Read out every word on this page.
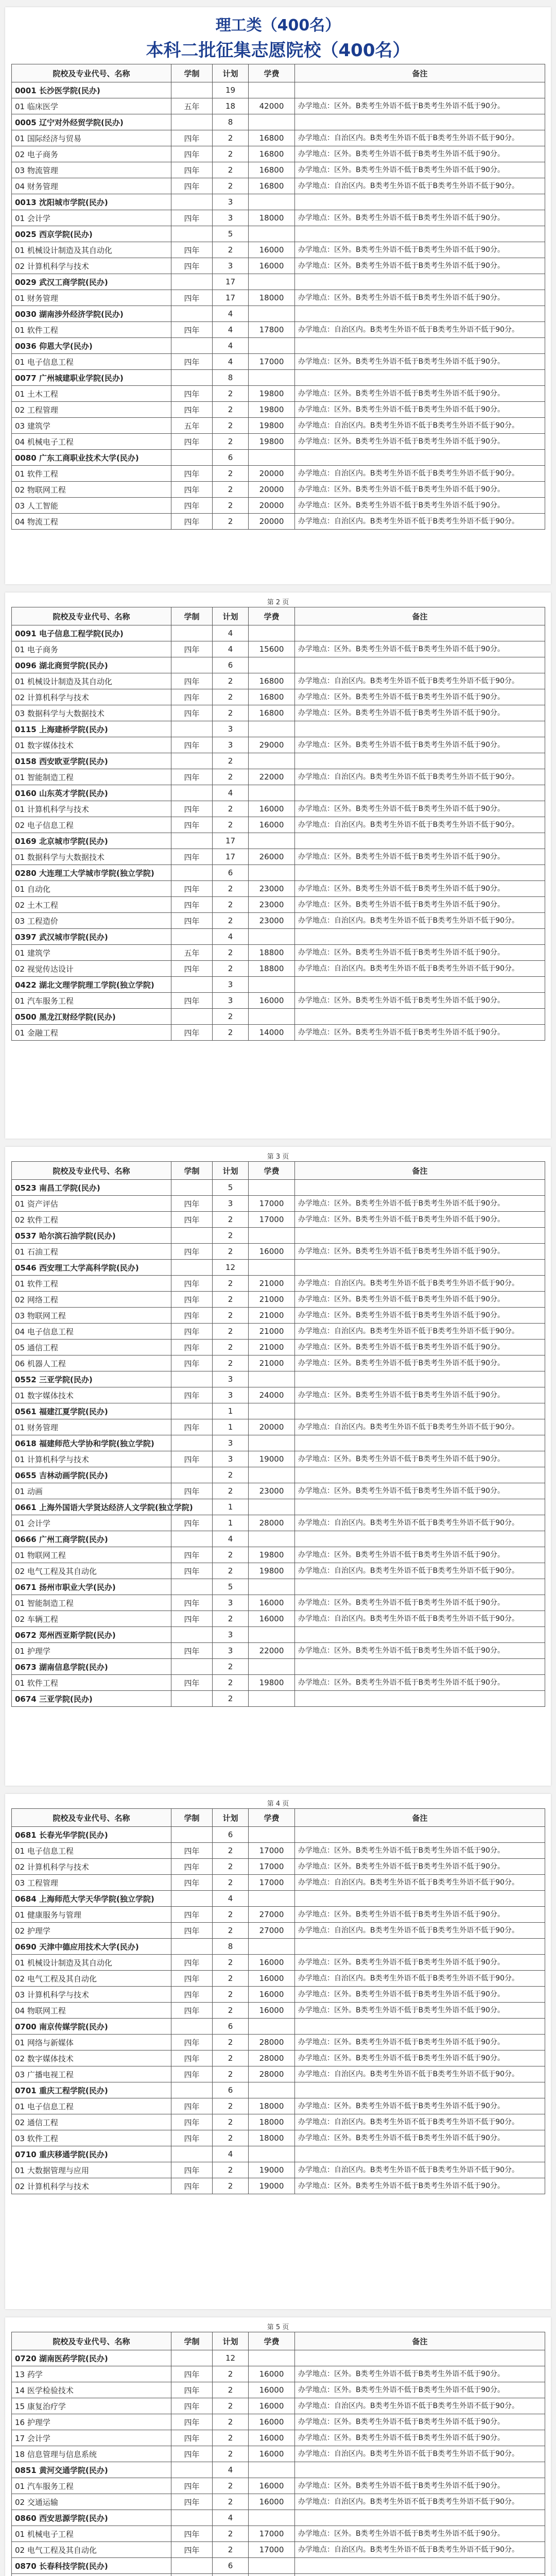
理工类（400名）
本科二批征集志愿院校（400名）
院校及专业代号、名称	学制	计划	学费	备注
0001 长沙医学院(民办)		19		
01 临床医学	五年	18	42000	办学地点：区外。B类考生外语不低于B类考生外语不低于90分。
0005 辽宁对外经贸学院(民办)		8		
01 国际经济与贸易	四年	2	16800	办学地点：自治区内。B类考生外语不低于B类考生外语不低于90分。
02 电子商务	四年	2	16800	办学地点：区外。B类考生外语不低于B类考生外语不低于90分。
03 物流管理	四年	2	16800	办学地点：区外。B类考生外语不低于B类考生外语不低于90分。
04 财务管理	四年	2	16800	办学地点：自治区内。B类考生外语不低于B类考生外语不低于90分。
0013 沈阳城市学院(民办)		3		
01 会计学	四年	3	18000	办学地点：区外。B类考生外语不低于B类考生外语不低于90分。
0025 西京学院(民办)		5		
01 机械设计制造及其自动化	四年	2	16000	办学地点：区外。B类考生外语不低于B类考生外语不低于90分。
02 计算机科学与技术	四年	3	16000	办学地点：区外。B类考生外语不低于B类考生外语不低于90分。
0029 武汉工商学院(民办)		17		
01 财务管理	四年	17	18000	办学地点：区外。B类考生外语不低于B类考生外语不低于90分。
0030 湖南涉外经济学院(民办)		4		
01 软件工程	四年	4	17800	办学地点：自治区内。B类考生外语不低于B类考生外语不低于90分。
0036 仰恩大学(民办)		4		
01 电子信息工程	四年	4	17000	办学地点：区外。B类考生外语不低于B类考生外语不低于90分。
0077 广州城建职业学院(民办)		8		
01 土木工程	四年	2	19800	办学地点：区外。B类考生外语不低于B类考生外语不低于90分。
02 工程管理	四年	2	19800	办学地点：区外。B类考生外语不低于B类考生外语不低于90分。
03 建筑学	五年	2	19800	办学地点：自治区内。B类考生外语不低于B类考生外语不低于90分。
04 机械电子工程	四年	2	19800	办学地点：区外。B类考生外语不低于B类考生外语不低于90分。
0080 广东工商职业技术大学(民办)		6		
01 软件工程	四年	2	20000	办学地点：自治区内。B类考生外语不低于B类考生外语不低于90分。
02 物联网工程	四年	2	20000	办学地点：区外。B类考生外语不低于B类考生外语不低于90分。
03 人工智能	四年	2	20000	办学地点：区外。B类考生外语不低于B类考生外语不低于90分。
04 物流工程	四年	2	20000	办学地点：自治区内。B类考生外语不低于B类考生外语不低于90分。
第 2 页
院校及专业代号、名称	学制	计划	学费	备注
0091 电子信息工程学院(民办)		4		
01 电子商务	四年	4	15600	办学地点：区外。B类考生外语不低于B类考生外语不低于90分。
0096 湖北商贸学院(民办)		6		
01 机械设计制造及其自动化	四年	2	16800	办学地点：自治区内。B类考生外语不低于B类考生外语不低于90分。
02 计算机科学与技术	四年	2	16800	办学地点：区外。B类考生外语不低于B类考生外语不低于90分。
03 数据科学与大数据技术	四年	2	16800	办学地点：区外。B类考生外语不低于B类考生外语不低于90分。
0115 上海建桥学院(民办)		3		
01 数字媒体技术	四年	3	29000	办学地点：区外。B类考生外语不低于B类考生外语不低于90分。
0158 西安欧亚学院(民办)		2		
01 智能制造工程	四年	2	22000	办学地点：自治区内。B类考生外语不低于B类考生外语不低于90分。
0160 山东英才学院(民办)		4		
01 计算机科学与技术	四年	2	16000	办学地点：区外。B类考生外语不低于B类考生外语不低于90分。
02 电子信息工程	四年	2	16000	办学地点：自治区内。B类考生外语不低于B类考生外语不低于90分。
0169 北京城市学院(民办)		17		
01 数据科学与大数据技术	四年	17	26000	办学地点：区外。B类考生外语不低于B类考生外语不低于90分。
0280 大连理工大学城市学院(独立学院)		6		
01 自动化	四年	2	23000	办学地点：区外。B类考生外语不低于B类考生外语不低于90分。
02 土木工程	四年	2	23000	办学地点：区外。B类考生外语不低于B类考生外语不低于90分。
03 工程造价	四年	2	23000	办学地点：自治区内。B类考生外语不低于B类考生外语不低于90分。
0397 武汉城市学院(民办)		4		
01 建筑学	五年	2	18800	办学地点：区外。B类考生外语不低于B类考生外语不低于90分。
02 视觉传达设计	四年	2	18800	办学地点：自治区内。B类考生外语不低于B类考生外语不低于90分。
0422 湖北文理学院理工学院(独立学院)		3		
01 汽车服务工程	四年	3	16000	办学地点：区外。B类考生外语不低于B类考生外语不低于90分。
0500 黑龙江财经学院(民办)		2		
01 金融工程	四年	2	14000	办学地点：区外。B类考生外语不低于B类考生外语不低于90分。
第 3 页
院校及专业代号、名称	学制	计划	学费	备注
0523 南昌工学院(民办)		5		
01 资产评估	四年	3	17000	办学地点：区外。B类考生外语不低于B类考生外语不低于90分。
02 软件工程	四年	2	17000	办学地点：区外。B类考生外语不低于B类考生外语不低于90分。
0537 哈尔滨石油学院(民办)		2		
01 石油工程	四年	2	16000	办学地点：区外。B类考生外语不低于B类考生外语不低于90分。
0546 西安理工大学高科学院(民办)		12		
01 软件工程	四年	2	21000	办学地点：自治区内。B类考生外语不低于B类考生外语不低于90分。
02 网络工程	四年	2	21000	办学地点：区外。B类考生外语不低于B类考生外语不低于90分。
03 物联网工程	四年	2	21000	办学地点：区外。B类考生外语不低于B类考生外语不低于90分。
04 电子信息工程	四年	2	21000	办学地点：自治区内。B类考生外语不低于B类考生外语不低于90分。
05 通信工程	四年	2	21000	办学地点：区外。B类考生外语不低于B类考生外语不低于90分。
06 机器人工程	四年	2	21000	办学地点：区外。B类考生外语不低于B类考生外语不低于90分。
0552 三亚学院(民办)		3		
01 数字媒体技术	四年	3	24000	办学地点：区外。B类考生外语不低于B类考生外语不低于90分。
0561 福建江夏学院(民办)		1		
01 财务管理	四年	1	20000	办学地点：自治区内。B类考生外语不低于B类考生外语不低于90分。
0618 福建师范大学协和学院(独立学院)		3		
01 计算机科学与技术	四年	3	19000	办学地点：区外。B类考生外语不低于B类考生外语不低于90分。
0655 吉林动画学院(民办)		2		
01 动画	四年	2	23000	办学地点：区外。B类考生外语不低于B类考生外语不低于90分。
0661 上海外国语大学贤达经济人文学院(独立学院)		1		
01 会计学	四年	1	28000	办学地点：自治区内。B类考生外语不低于B类考生外语不低于90分。
0666 广州工商学院(民办)		4		
01 物联网工程	四年	2	19800	办学地点：区外。B类考生外语不低于B类考生外语不低于90分。
02 电气工程及其自动化	四年	2	19800	办学地点：自治区内。B类考生外语不低于B类考生外语不低于90分。
0671 扬州市职业大学(民办)		5		
01 智能制造工程	四年	3	16000	办学地点：区外。B类考生外语不低于B类考生外语不低于90分。
02 车辆工程	四年	2	16000	办学地点：自治区内。B类考生外语不低于B类考生外语不低于90分。
0672 郑州西亚斯学院(民办)		3		
01 护理学	四年	3	22000	办学地点：区外。B类考生外语不低于B类考生外语不低于90分。
0673 湖南信息学院(民办)		2		
01 软件工程	四年	2	19800	办学地点：区外。B类考生外语不低于B类考生外语不低于90分。
0674 三亚学院(民办)		2		
第 4 页
院校及专业代号、名称	学制	计划	学费	备注
0681 长春光华学院(民办)		6		
01 电子信息工程	四年	2	17000	办学地点：区外。B类考生外语不低于B类考生外语不低于90分。
02 计算机科学与技术	四年	2	17000	办学地点：区外。B类考生外语不低于B类考生外语不低于90分。
03 工程管理	四年	2	17000	办学地点：自治区内。B类考生外语不低于B类考生外语不低于90分。
0684 上海师范大学天华学院(独立学院)		4		
01 健康服务与管理	四年	2	27000	办学地点：区外。B类考生外语不低于B类考生外语不低于90分。
02 护理学	四年	2	27000	办学地点：自治区内。B类考生外语不低于B类考生外语不低于90分。
0690 天津中德应用技术大学(民办)		8		
01 机械设计制造及其自动化	四年	2	16000	办学地点：区外。B类考生外语不低于B类考生外语不低于90分。
02 电气工程及其自动化	四年	2	16000	办学地点：自治区内。B类考生外语不低于B类考生外语不低于90分。
03 计算机科学与技术	四年	2	16000	办学地点：区外。B类考生外语不低于B类考生外语不低于90分。
04 物联网工程	四年	2	16000	办学地点：区外。B类考生外语不低于B类考生外语不低于90分。
0700 南京传媒学院(民办)		6		
01 网络与新媒体	四年	2	28000	办学地点：区外。B类考生外语不低于B类考生外语不低于90分。
02 数字媒体技术	四年	2	28000	办学地点：区外。B类考生外语不低于B类考生外语不低于90分。
03 广播电视工程	四年	2	28000	办学地点：自治区内。B类考生外语不低于B类考生外语不低于90分。
0701 重庆工程学院(民办)		6		
01 电子信息工程	四年	2	18000	办学地点：区外。B类考生外语不低于B类考生外语不低于90分。
02 通信工程	四年	2	18000	办学地点：自治区内。B类考生外语不低于B类考生外语不低于90分。
03 软件工程	四年	2	18000	办学地点：区外。B类考生外语不低于B类考生外语不低于90分。
0710 重庆移通学院(民办)		4		
01 大数据管理与应用	四年	2	19000	办学地点：自治区内。B类考生外语不低于B类考生外语不低于90分。
02 计算机科学与技术	四年	2	19000	办学地点：区外。B类考生外语不低于B类考生外语不低于90分。
第 5 页
院校及专业代号、名称	学制	计划	学费	备注
0720 湖南医药学院(民办)		12		
13 药学	四年	2	16000	办学地点：区外。B类考生外语不低于B类考生外语不低于90分。
14 医学检验技术	四年	2	16000	办学地点：区外。B类考生外语不低于B类考生外语不低于90分。
15 康复治疗学	四年	2	16000	办学地点：自治区内。B类考生外语不低于B类考生外语不低于90分。
16 护理学	四年	2	16000	办学地点：区外。B类考生外语不低于B类考生外语不低于90分。
17 会计学	四年	2	16000	办学地点：区外。B类考生外语不低于B类考生外语不低于90分。
18 信息管理与信息系统	四年	2	16000	办学地点：自治区内。B类考生外语不低于B类考生外语不低于90分。
0851 黄河交通学院(民办)		4		
01 汽车服务工程	四年	2	16000	办学地点：区外。B类考生外语不低于B类考生外语不低于90分。
02 交通运输	四年	2	16000	办学地点：自治区内。B类考生外语不低于B类考生外语不低于90分。
0860 西安思源学院(民办)		4		
01 机械电子工程	四年	2	17000	办学地点：区外。B类考生外语不低于B类考生外语不低于90分。
02 电气工程及其自动化	四年	2	17000	办学地点：自治区内。B类考生外语不低于B类考生外语不低于90分。
0870 长春科技学院(民办)		6		
